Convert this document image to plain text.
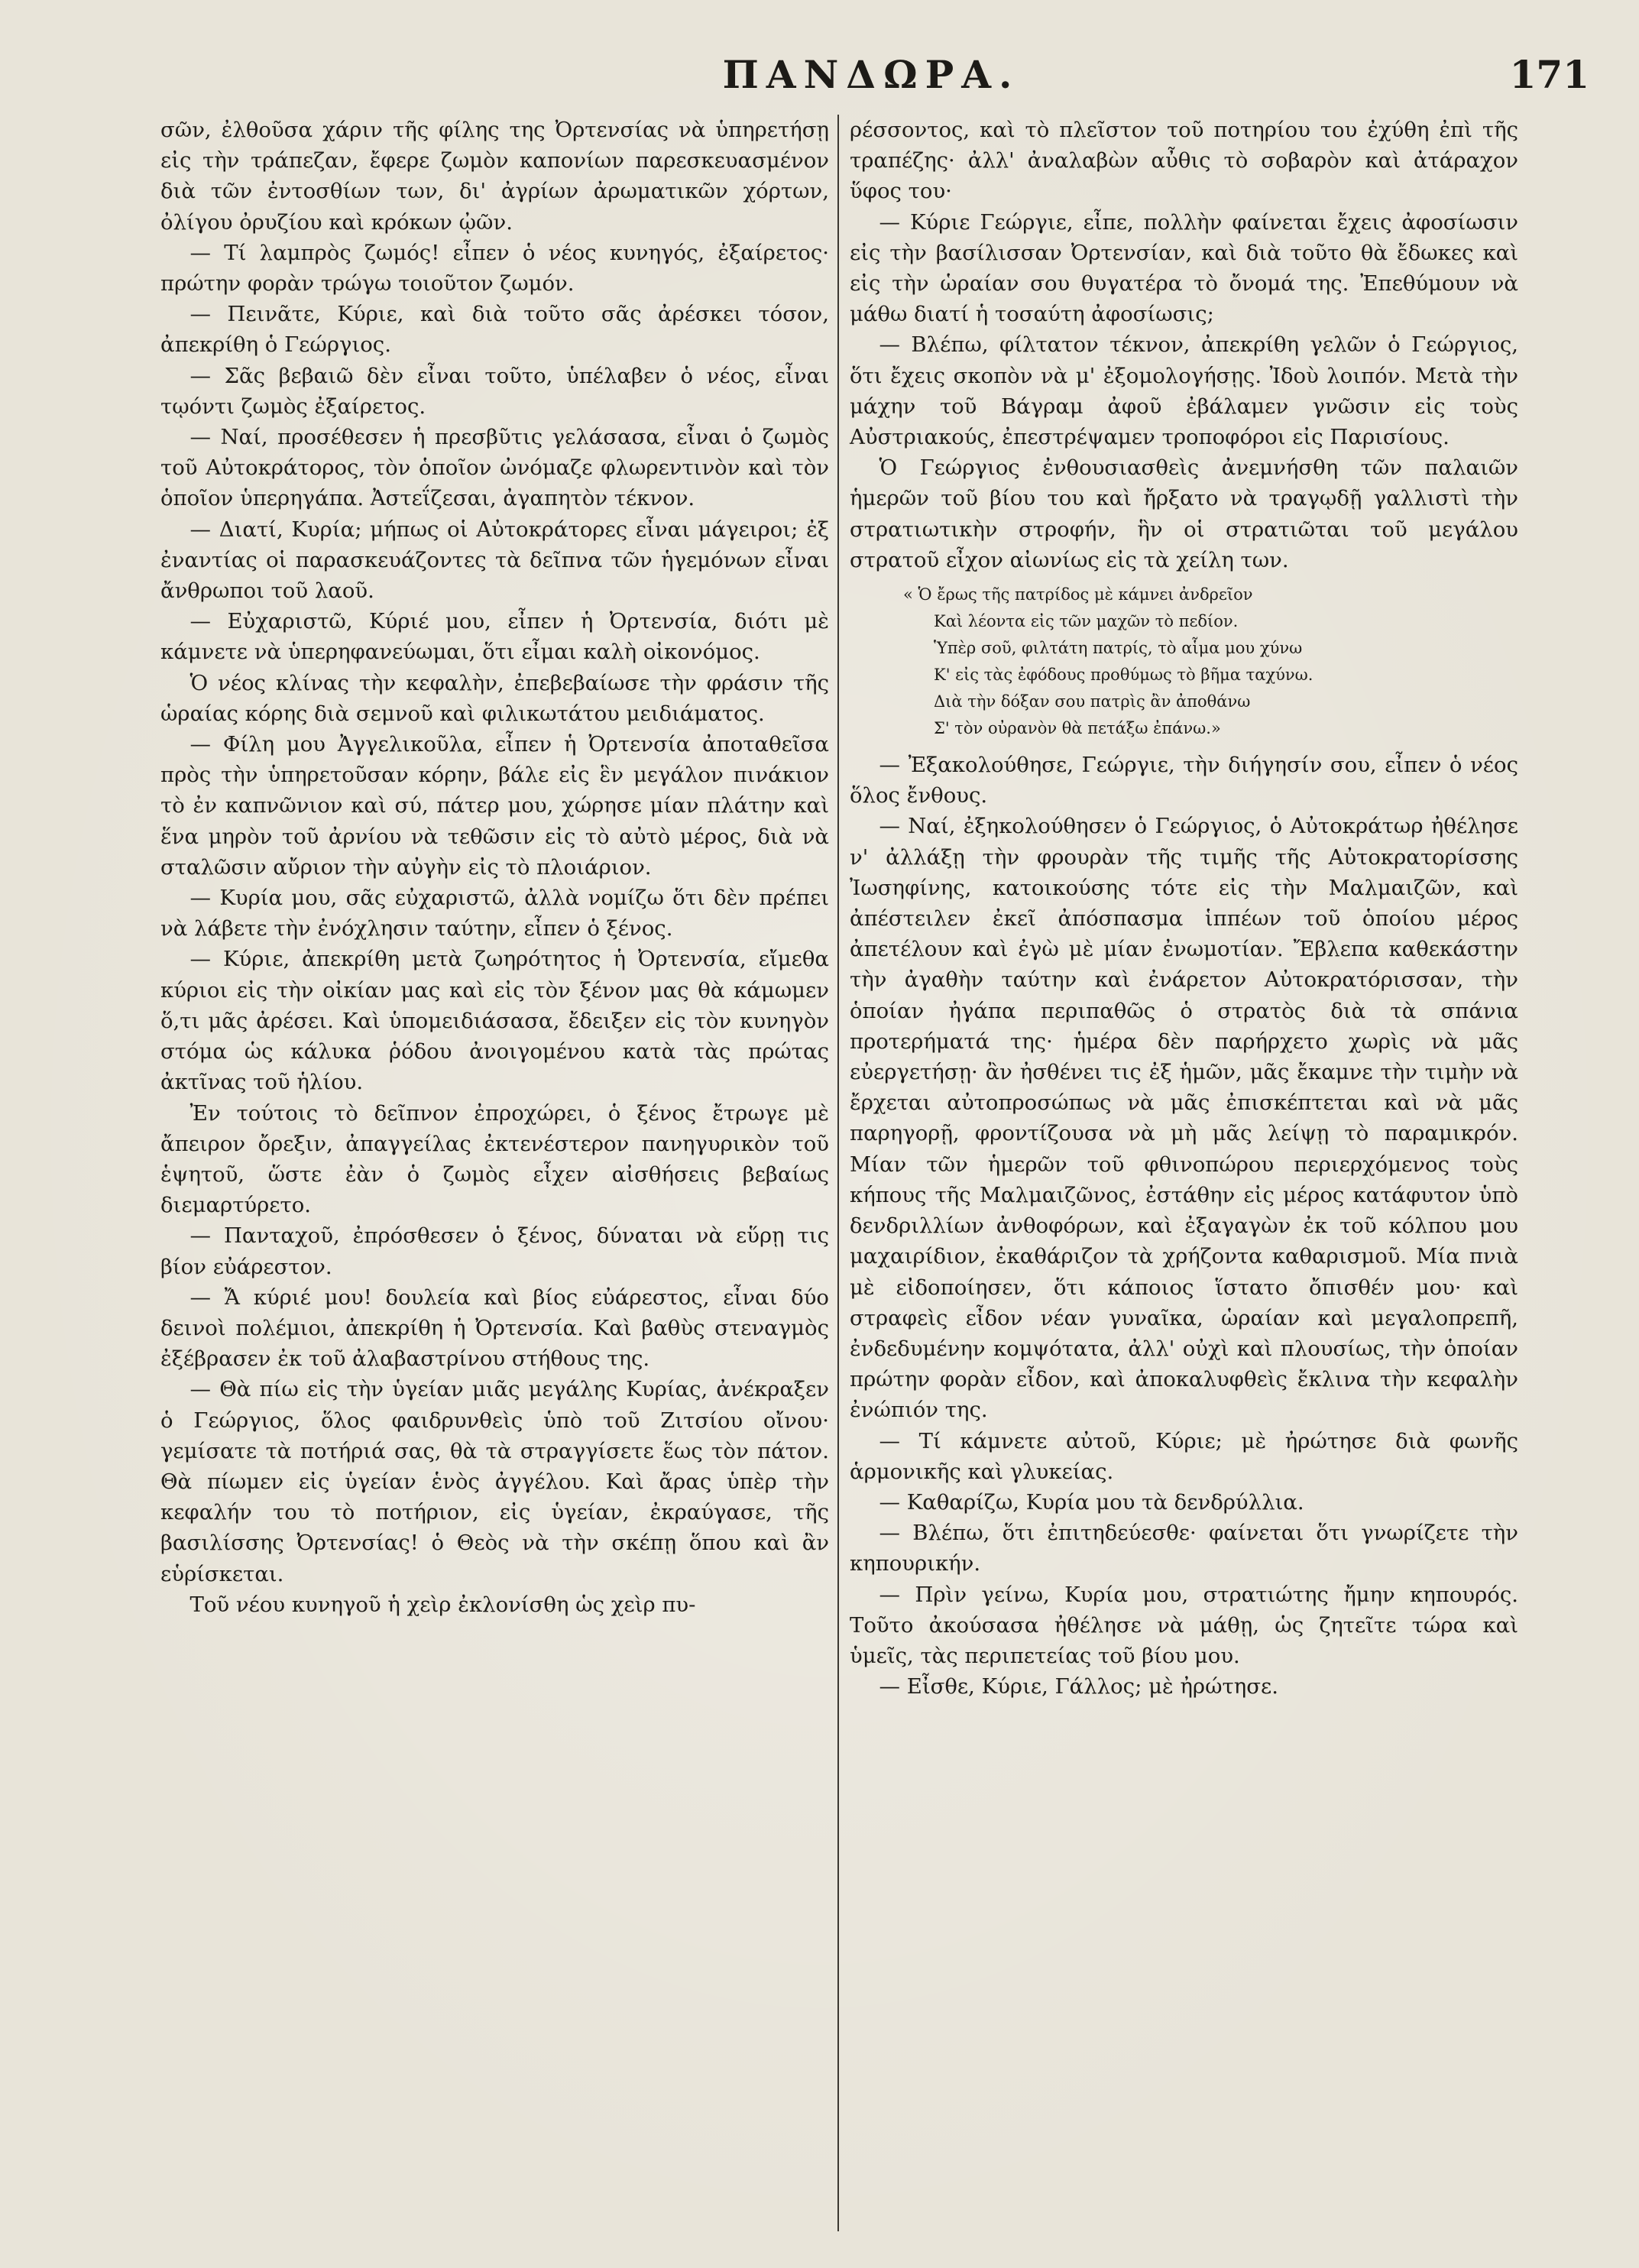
ΠΑΝΔΩΡΑ.	171

σῶν, ἐλθοῦσα χάριν τῆς φίλης της Ὀρτενσίας νὰ ὑπηρετήσῃ εἰς τὴν τράπεζαν, ἔφερε ζωμὸν καπονίων παρεσκευασμένον διὰ τῶν ἐντοσθίων των, δι' ἀγρίων ἀρωματικῶν χόρτων, ὀλίγου ὀρυζίου καὶ κρόκων ᾠῶν.

— Τί λαμπρὸς ζωμός! εἶπεν ὁ νέος κυνηγός, ἐξαίρετος· πρώτην φορὰν τρώγω τοιοῦτον ζωμόν.

— Πεινᾶτε, Κύριε, καὶ διὰ τοῦτο σᾶς ἀρέσκει τόσον, ἀπεκρίθη ὁ Γεώργιος.

— Σᾶς βεβαιῶ δὲν εἶναι τοῦτο, ὑπέλαβεν ὁ νέος, εἶναι τῳόντι ζωμὸς ἐξαίρετος.

— Ναί, προσέθεσεν ἡ πρεσβῦτις γελάσασα, εἶναι ὁ ζωμὸς τοῦ Αὐτοκράτορος, τὸν ὁποῖον ὠνόμαζε φλωρεντινὸν καὶ τὸν ὁποῖον ὑπερηγάπα. Ἀστεΐζεσαι, ἀγαπητὸν τέκνον.

— Διατί, Κυρία; μήπως οἱ Αὐτοκράτορες εἶναι μάγειροι; ἐξ ἐναντίας οἱ παρασκευάζοντες τὰ δεῖπνα τῶν ἡγεμόνων εἶναι ἄνθρωποι τοῦ λαοῦ.

— Εὐχαριστῶ, Κύριέ μου, εἶπεν ἡ Ὀρτενσία, διότι μὲ κάμνετε νὰ ὑπερηφανεύωμαι, ὅτι εἶμαι καλὴ οἰκονόμος.

Ὁ νέος κλίνας τὴν κεφαλὴν, ἐπεβεβαίωσε τὴν φράσιν τῆς ὡραίας κόρης διὰ σεμνοῦ καὶ φιλικωτάτου μειδιάματος.

— Φίλη μου Ἀγγελικοῦλα, εἶπεν ἡ Ὀρτενσία ἀποταθεῖσα πρὸς τὴν ὑπηρετοῦσαν κόρην, βάλε εἰς ἓν μεγάλον πινάκιον τὸ ἐν καπνῶνιον καὶ σύ, πάτερ μου, χώρησε μίαν πλάτην καὶ ἕνα μηρὸν τοῦ ἀρνίου νὰ τεθῶσιν εἰς τὸ αὐτὸ μέρος, διὰ νὰ σταλῶσιν αὔριον τὴν αὐγὴν εἰς τὸ πλοιάριον.

— Κυρία μου, σᾶς εὐχαριστῶ, ἀλλὰ νομίζω ὅτι δὲν πρέπει νὰ λάβετε τὴν ἐνόχλησιν ταύτην, εἶπεν ὁ ξένος.

— Κύριε, ἀπεκρίθη μετὰ ζωηρότητος ἡ Ὀρτενσία, εἴμεθα κύριοι εἰς τὴν οἰκίαν μας καὶ εἰς τὸν ξένον μας θὰ κάμωμεν ὅ,τι μᾶς ἀρέσει. Καὶ ὑπομειδιάσασα, ἔδειξεν εἰς τὸν κυνηγὸν στόμα ὡς κάλυκα ῥόδου ἀνοιγομένου κατὰ τὰς πρώτας ἀκτῖνας τοῦ ἡλίου.

Ἐν τούτοις τὸ δεῖπνον ἐπροχώρει, ὁ ξένος ἔτρωγε μὲ ἄπειρον ὄρεξιν, ἀπαγγείλας ἐκτενέστερον πανηγυρικὸν τοῦ ἑψητοῦ, ὥστε ἐὰν ὁ ζωμὸς εἶχεν αἰσθήσεις βεβαίως διεμαρτύρετο.

— Πανταχοῦ, ἐπρόσθεσεν ὁ ξένος, δύναται νὰ εὕρῃ τις βίον εὐάρεστον.

— Ἄ κύριέ μου! δουλεία καὶ βίος εὐάρεστος, εἶναι δύο δεινοὶ πολέμιοι, ἀπεκρίθη ἡ Ὀρτενσία. Καὶ βαθὺς στεναγμὸς ἐξέβρασεν ἐκ τοῦ ἀλαβαστρίνου στήθους της.

— Θὰ πίω εἰς τὴν ὑγείαν μιᾶς μεγάλης Κυρίας, ἀνέκραξεν ὁ Γεώργιος, ὅλος φαιδρυνθεὶς ὑπὸ τοῦ Ζιτσίου οἴνου· γεμίσατε τὰ ποτήριά σας, θὰ τὰ στραγγίσετε ἕως τὸν πάτον. Θὰ πίωμεν εἰς ὑγείαν ἑνὸς ἀγγέλου. Καὶ ἄρας ὑπὲρ τὴν κεφαλήν του τὸ ποτήριον, εἰς ὑγείαν, ἐκραύγασε, τῆς βασιλίσσης Ὀρτενσίας! ὁ Θεὸς νὰ τὴν σκέπῃ ὅπου καὶ ἂν εὑρίσκεται.

Τοῦ νέου κυνηγοῦ ἡ χεὶρ ἐκλονίσθη ὡς χεὶρ πυ-

ρέσσοντος, καὶ τὸ πλεῖστον τοῦ ποτηρίου του ἐχύθη ἐπὶ τῆς τραπέζης· ἀλλ' ἀναλαβὼν αὖθις τὸ σοβαρὸν καὶ ἀτάραχον ὕφος του·

— Κύριε Γεώργιε, εἶπε, πολλὴν φαίνεται ἔχεις ἀφοσίωσιν εἰς τὴν βασίλισσαν Ὀρτενσίαν, καὶ διὰ τοῦτο θὰ ἔδωκες καὶ εἰς τὴν ὡραίαν σου θυγατέρα τὸ ὄνομά της. Ἐπεθύμουν νὰ μάθω διατί ἡ τοσαύτη ἀφοσίωσις;

— Βλέπω, φίλτατον τέκνον, ἀπεκρίθη γελῶν ὁ Γεώργιος, ὅτι ἔχεις σκοπὸν νὰ μ' ἐξομολογήσῃς. Ἰδοὺ λοιπόν. Μετὰ τὴν μάχην τοῦ Βάγραμ ἀφοῦ ἐβάλαμεν γνῶσιν εἰς τοὺς Αὐστριακούς, ἐπεστρέψαμεν τροποφόροι εἰς Παρισίους.

Ὁ Γεώργιος ἐνθουσιασθεὶς ἀνεμνήσθη τῶν παλαιῶν ἡμερῶν τοῦ βίου του καὶ ἤρξατο νὰ τραγῳδῇ γαλλιστὶ τὴν στρατιωτικὴν στροφήν, ἣν οἱ στρατιῶται τοῦ μεγάλου στρατοῦ εἶχον αἰωνίως εἰς τὰ χείλη των.

« Ὁ ἔρως τῆς πατρίδος μὲ κάμνει ἀνδρεῖον
Καὶ λέοντα εἰς τῶν μαχῶν τὸ πεδίον.
Ὑπὲρ σοῦ, φιλτάτη πατρίς, τὸ αἷμα μου χύνω
Κ' εἰς τὰς ἐφόδους προθύμως τὸ βῆμα ταχύνω.
Διὰ τὴν δόξαν σου πατρὶς ἂν ἀποθάνω
Σ' τὸν οὐρανὸν θὰ πετάξω ἐπάνω.»

— Ἐξακολούθησε, Γεώργιε, τὴν διήγησίν σου, εἶπεν ὁ νέος ὅλος ἔνθους.

— Ναί, ἐξηκολούθησεν ὁ Γεώργιος, ὁ Αὐτοκράτωρ ἠθέλησε ν' ἀλλάξῃ τὴν φρουρὰν τῆς τιμῆς τῆς Αὐτοκρατορίσσης Ἰωσηφίνης, κατοικούσης τότε εἰς τὴν Μαλμαιζῶν, καὶ ἀπέστειλεν ἐκεῖ ἀπόσπασμα ἱππέων τοῦ ὁποίου μέρος ἀπετέλουν καὶ ἐγὼ μὲ μίαν ἐνωμοτίαν. Ἔβλεπα καθεκάστην τὴν ἀγαθὴν ταύτην καὶ ἐνάρετον Αὐτοκρατόρισσαν, τὴν ὁποίαν ἠγάπα περιπαθῶς ὁ στρατὸς διὰ τὰ σπάνια προτερήματά της· ἡμέρα δὲν παρήρχετο χωρὶς νὰ μᾶς εὐεργετήσῃ· ἂν ἠσθένει τις ἐξ ἡμῶν, μᾶς ἔκαμνε τὴν τιμὴν νὰ ἔρχεται αὐτοπροσώπως νὰ μᾶς ἐπισκέπτεται καὶ νὰ μᾶς παρηγορῇ, φροντίζουσα νὰ μὴ μᾶς λείψῃ τὸ παραμικρόν. Μίαν τῶν ἡμερῶν τοῦ φθινοπώρου περιερχόμενος τοὺς κήπους τῆς Μαλμαιζῶνος, ἐστάθην εἰς μέρος κατάφυτον ὑπὸ δενδριλλίων ἀνθοφόρων, καὶ ἐξαγαγὼν ἐκ τοῦ κόλπου μου μαχαιρίδιον, ἐκαθάριζον τὰ χρήζοντα καθαρισμοῦ. Μία πνιὰ μὲ εἰδοποίησεν, ὅτι κάποιος ἵστατο ὄπισθέν μου· καὶ στραφεὶς εἶδον νέαν γυναῖκα, ὡραίαν καὶ μεγαλοπρεπῆ, ἐνδεδυμένην κομψότατα, ἀλλ' οὐχὶ καὶ πλουσίως, τὴν ὁποίαν πρώτην φορὰν εἶδον, καὶ ἀποκαλυφθεὶς ἔκλινα τὴν κεφαλὴν ἐνώπιόν της.

— Τί κάμνετε αὐτοῦ, Κύριε; μὲ ἠρώτησε διὰ φωνῆς ἁρμονικῆς καὶ γλυκείας.

— Καθαρίζω, Κυρία μου τὰ δενδρύλλια.

— Βλέπω, ὅτι ἐπιτηδεύεσθε· φαίνεται ὅτι γνωρίζετε τὴν κηπουρικήν.

— Πρὶν γείνω, Κυρία μου, στρατιώτης ἤμην κηπουρός. Τοῦτο ἀκούσασα ἠθέλησε νὰ μάθῃ, ὡς ζητεῖτε τώρα καὶ ὑμεῖς, τὰς περιπετείας τοῦ βίου μου.

— Εἶσθε, Κύριε, Γάλλος; μὲ ἠρώτησε.
